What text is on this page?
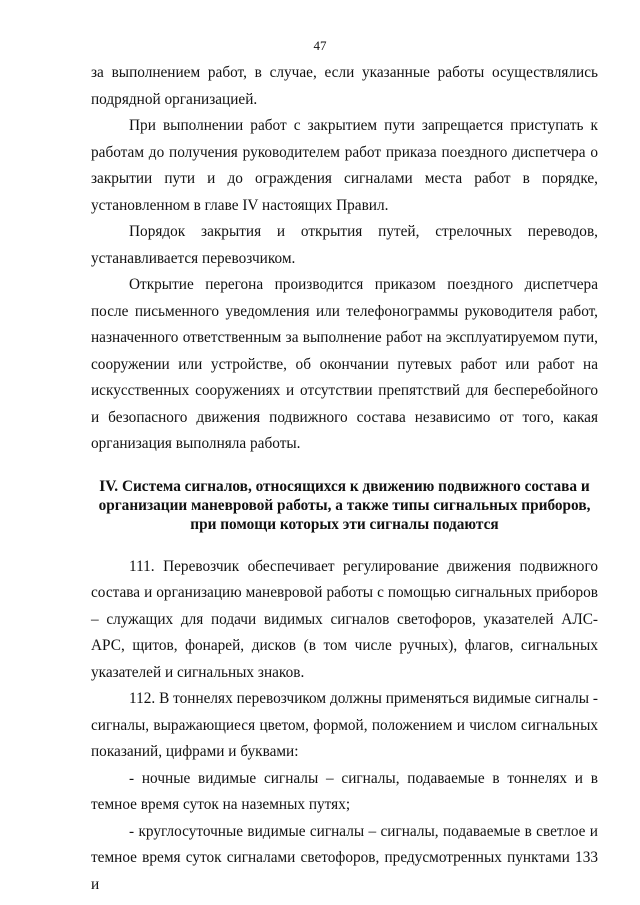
47

за выполнением работ, в случае, если указанные работы осуществлялись подрядной организацией.

При выполнении работ с закрытием пути запрещается приступать к работам до получения руководителем работ приказа поездного диспетчера о закрытии пути и до ограждения сигналами места работ в порядке, установленном в главе IV настоящих Правил.

Порядок закрытия и открытия путей, стрелочных переводов, устанавливается перевозчиком.

Открытие перегона производится приказом поездного диспетчера после письменного уведомления или телефонограммы руководителя работ, назначенного ответственным за выполнение работ на эксплуатируемом пути, сооружении или устройстве, об окончании путевых работ или работ на искусственных сооружениях и отсутствии препятствий для бесперебойного и безопасного движения подвижного состава независимо от того, какая организация выполняла работы.

IV. Система сигналов, относящихся к движению подвижного состава и организации маневровой работы, а также типы сигнальных приборов, при помощи которых эти сигналы подаются

111. Перевозчик обеспечивает регулирование движения подвижного состава и организацию маневровой работы с помощью сигнальных приборов – служащих для подачи видимых сигналов светофоров, указателей АЛС-АРС, щитов, фонарей, дисков (в том числе ручных), флагов, сигнальных указателей и сигнальных знаков.

112. В тоннелях перевозчиком должны применяться видимые сигналы - сигналы, выражающиеся цветом, формой, положением и числом сигнальных показаний, цифрами и буквами:

- ночные видимые сигналы – сигналы, подаваемые в тоннелях и в темное время суток на наземных путях;

- круглосуточные видимые сигналы – сигналы, подаваемые в светлое и темное время суток сигналами светофоров, предусмотренных пунктами 133 и
